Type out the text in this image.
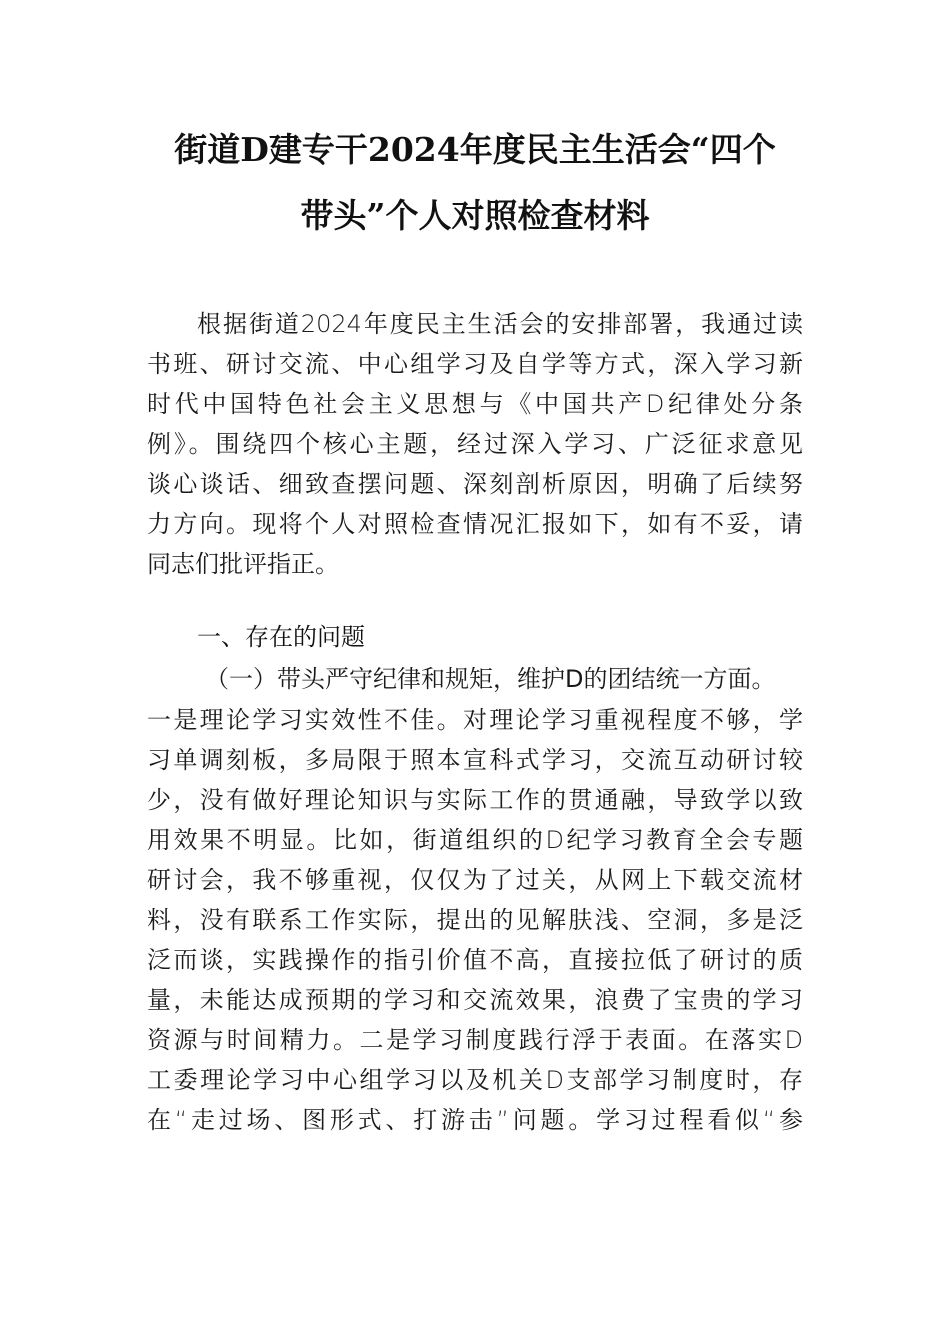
街道D建专干2024年度民主生活会“四个
带头”个人对照检查材料
根据街道2024年度民主生活会的安排部署，我通过读
书班、研讨交流、中心组学习及自学等方式，深入学习新
时代中国特色社会主义思想与《中国共产D纪律处分条
例》。围绕四个核心主题，经过深入学习、广泛征求意见
谈心谈话、细致查摆问题、深刻剖析原因，明确了后续努
力方向。现将个人对照检查情况汇报如下，如有不妥，请
同志们批评指正。
一、存在的问题
（一）带头严守纪律和规矩，维护D的团结统一方面。
一是理论学习实效性不佳。对理论学习重视程度不够，学
习单调刻板，多局限于照本宣科式学习，交流互动研讨较
少，没有做好理论知识与实际工作的贯通融，导致学以致
用效果不明显。比如，街道组织的D纪学习教育全会专题
研讨会，我不够重视，仅仅为了过关，从网上下载交流材
料，没有联系工作实际，提出的见解肤浅、空洞，多是泛
泛而谈，实践操作的指引价值不高，直接拉低了研讨的质
量，未能达成预期的学习和交流效果，浪费了宝贵的学习
资源与时间精力。二是学习制度践行浮于表面。在落实D
工委理论学习中心组学习以及机关D支部学习制度时，存
在“走过场、图形式、打游击”问题。学习过程看似“参
